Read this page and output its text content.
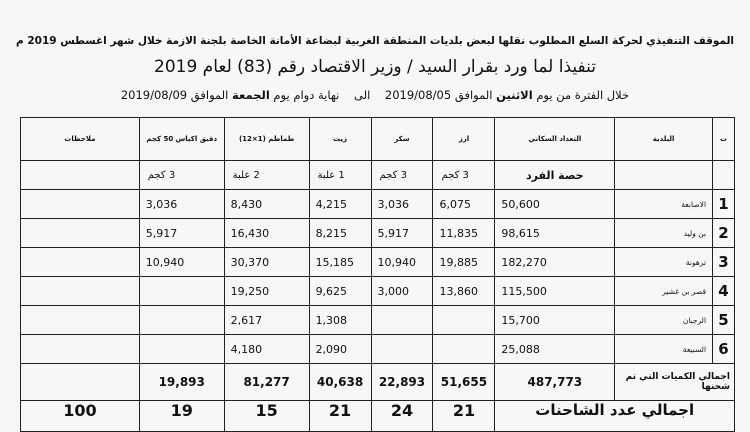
الموقف التنفيذي لحركة السلع المطلوب نقلها لبعض بلديات المنطقة الغربية لبضاعة الأمانة الخاصة بلجنة الازمة خلال شهر اغسطس 2019 م
تنفيذا لما ورد بقرار السيد / وزير الاقتصاد رقم (83) لعام 2019
خلال الفترة من يوم الاثنين الموافق 2019/08/05    الى    نهاية دوام يوم الجمعة الموافق 2019/08/09
ت	البلدية	التعداد السكاني	ارز	سكر	زيت	طماطم (1×12)	دقيق اكياس 50 كجم	ملاحظات
		حصة الفرد	3 كجم	3 كجم	1 علبة	2 علبة	3 كجم	
1	الاصابعة	50,600	6,075	3,036	4,215	8,430	3,036	
2	بن وليد	98,615	11,835	5,917	8,215	16,430	5,917	
3	ترهونة	182,270	19,885	10,940	15,185	30,370	10,940	
4	قصر بن غشير	115,500	13,860	3,000	9,625	19,250		
5	الرجبان	15,700			1,308	2,617		
6	السبيعة	25,088			2,090	4,180		
اجمالي الكميات التي تم شحنها		487,773	51,655	22,893	40,638	81,277	19,893	
اجمالي عدد الشاحنات			21	24	21	15	19	100
